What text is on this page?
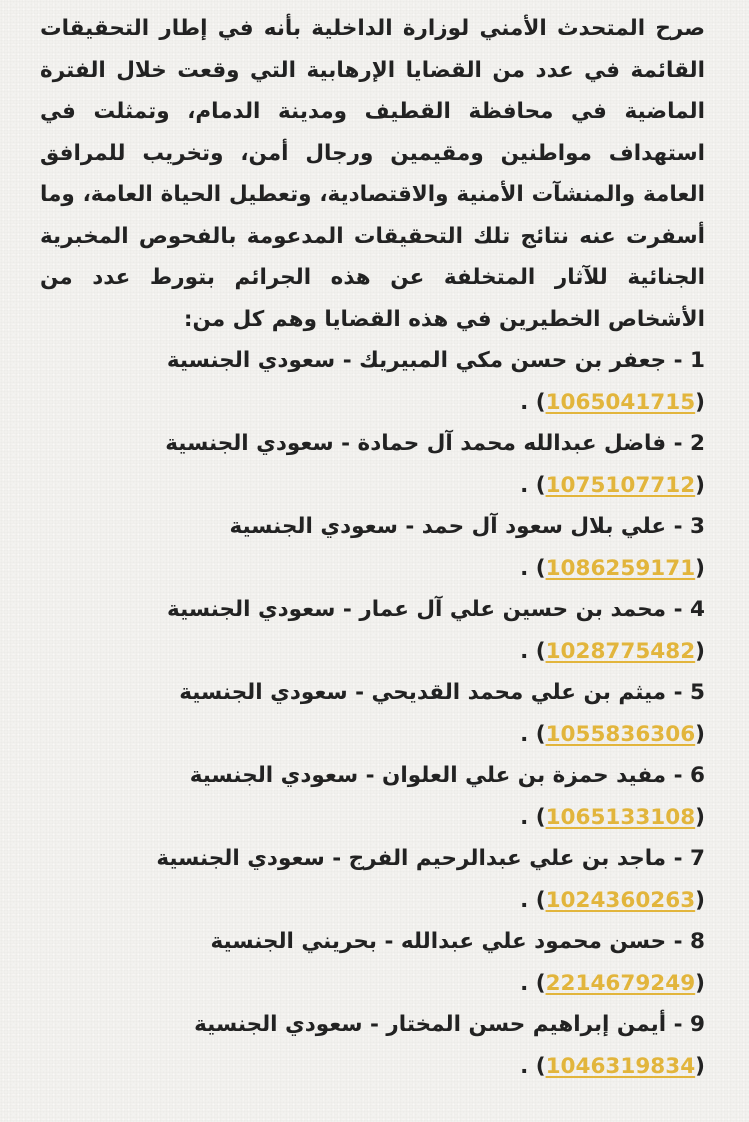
صرح المتحدث الأمني لوزارة الداخلية بأنه في إطار التحقيقات القائمة في عدد من القضايا الإرهابية التي وقعت خلال الفترة الماضية في محافظة القطيف ومدينة الدمام، وتمثلت في استهداف مواطنين ومقيمين ورجال أمن، وتخريب للمرافق العامة والمنشآت الأمنية والاقتصادية، وتعطيل الحياة العامة، وما أسفرت عنه نتائج تلك التحقيقات المدعومة بالفحوص المخبرية الجنائية للآثار المتخلفة عن هذه الجرائم بتورط عدد من الأشخاص الخطيرين في هذه القضايا وهم كل من:

1 - جعفر بن حسن مكي المبيريك - سعودي الجنسية
(1065041715) .
2 - فاضل عبدالله محمد آل حمادة - سعودي الجنسية
(1075107712) .
3 - علي بلال سعود آل حمد - سعودي الجنسية
(1086259171) .
4 - محمد بن حسين علي آل عمار - سعودي الجنسية
(1028775482) .
5 - ميثم بن علي محمد القديحي - سعودي الجنسية
(1055836306) .
6 - مفيد حمزة بن علي العلوان - سعودي الجنسية
(1065133108) .
7 - ماجد بن علي عبدالرحيم الفرج - سعودي الجنسية
(1024360263) .
8 - حسن محمود علي عبدالله - بحريني الجنسية
(2214679249) .
9 - أيمن إبراهيم حسن المختار - سعودي الجنسية
(1046319834) .
